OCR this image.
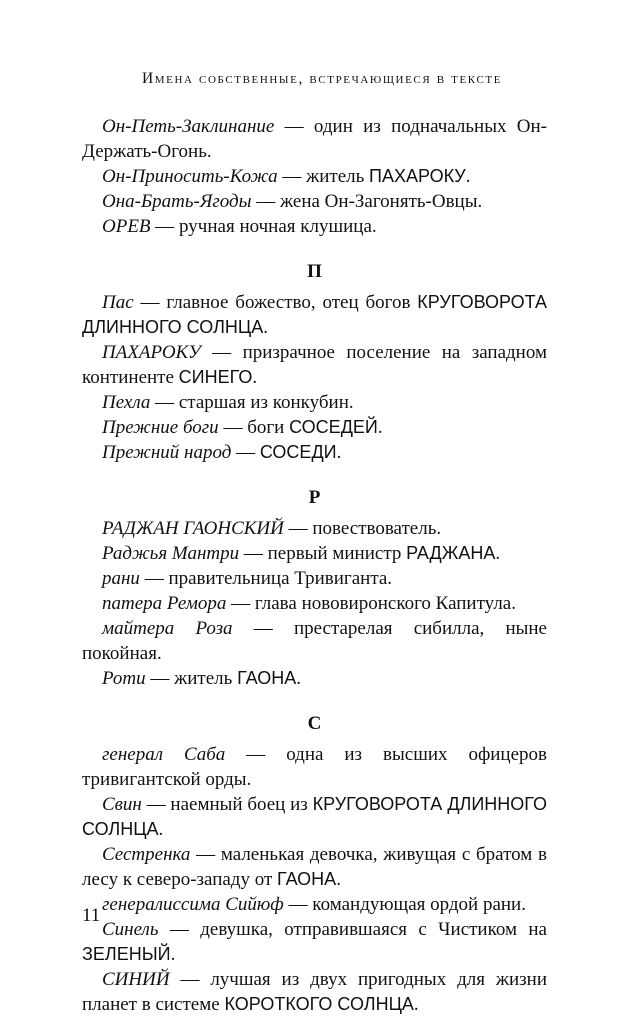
Имена собственные, встречающиеся в тексте

Он-Петь-Заклинание — один из подначальных Он-Держать-Огонь.

Он-Приносить-Кожа — житель ПАХАРОКУ.

Она-Брать-Ягоды — жена Он-Загонять-Овцы.

ОРЕВ — ручная ночная клушица.

П

Пас — главное божество, отец богов КРУГОВОРОТА ДЛИННОГО СОЛНЦА.

ПАХАРОКУ — призрачное поселение на западном континенте СИНЕГО.

Пехла — старшая из конкубин.

Прежние боги — боги СОСЕДЕЙ.

Прежний народ — СОСЕДИ.

Р

РАДЖАН ГАОНСКИЙ — повествователь.

Раджья Мантри — первый министр РАДЖАНА.

рани — правительница Тривиганта.

патера Ремора — глава нововиронского Капитула.

майтера Роза — престарелая сибилла, ныне покойная.

Роти — житель ГАОНА.

С

генерал Саба — одна из высших офицеров тривигантской орды.

Свин — наемный боец из КРУГОВОРОТА ДЛИННОГО СОЛНЦА.

Сестренка — маленькая девочка, живущая с братом в лесу к северо-западу от ГАОНА.

генералиссима Сийюф — командующая ордой рани.

Синель — девушка, отправившаяся с Чистиком на ЗЕЛЕНЫЙ.

СИНИЙ — лучшая из двух пригодных для жизни планет в системе КОРОТКОГО СОЛНЦА.

11
